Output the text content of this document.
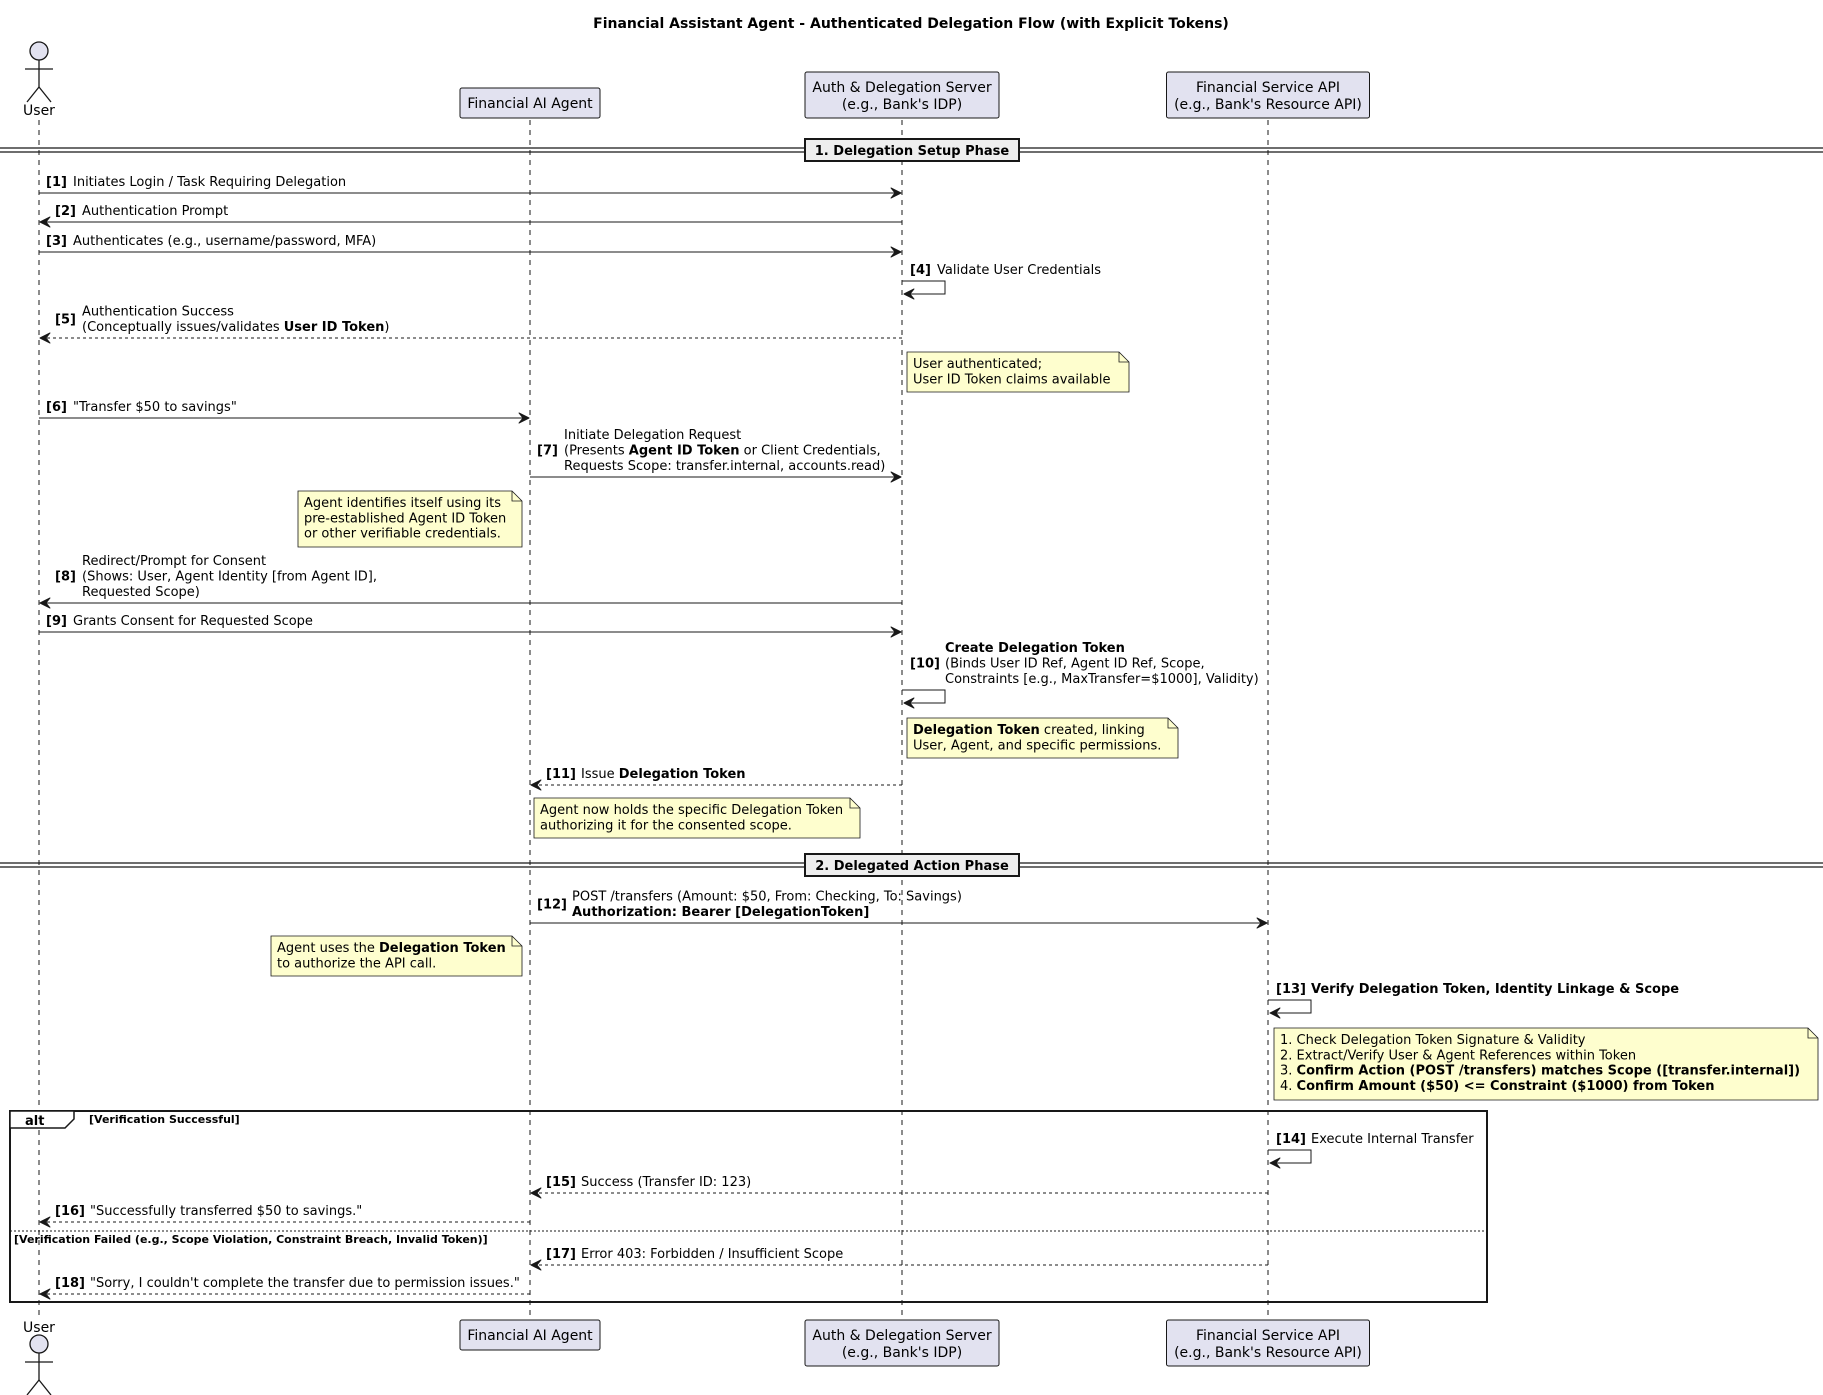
Financial Assistant Agent - Authenticated Delegation Flow (with Explicit Tokens)
User
User
Financial AI Agent
Financial AI Agent
Auth & Delegation Server
(e.g., Bank's IDP)
Auth & Delegation Server
(e.g., Bank's IDP)
Financial Service API
(e.g., Bank's Resource API)
Financial Service API
(e.g., Bank's Resource API)
1. Delegation Setup Phase
2. Delegated Action Phase
[1] Initiates Login / Task Requiring Delegation
[2] Authentication Prompt
[3] Authenticates (e.g., username/password, MFA)
[4] Validate User Credentials
[5]
Authentication Success
(Conceptually issues/validates User ID Token)
[6] "Transfer $50 to savings"
[7]
Initiate Delegation Request
(Presents Agent ID Token or Client Credentials,
Requests Scope: transfer.internal, accounts.read)
[8]
Redirect/Prompt for Consent
(Shows: User, Agent Identity [from Agent ID],
Requested Scope)
[9] Grants Consent for Requested Scope
[10]
Create Delegation Token
(Binds User ID Ref, Agent ID Ref, Scope,
Constraints [e.g., MaxTransfer=$1000], Validity)
[11] Issue Delegation Token
[12]
POST /transfers (Amount: $50, From: Checking, To: Savings)
Authorization: Bearer [DelegationToken]
[13] Verify Delegation Token, Identity Linkage & Scope
[14] Execute Internal Transfer
[15] Success (Transfer ID: 123)
[16] "Successfully transferred $50 to savings."
[17] Error 403: Forbidden / Insufficient Scope
[18] "Sorry, I couldn't complete the transfer due to permission issues."
User authenticated;
User ID Token claims available
Agent identifies itself using its
pre-established Agent ID Token
or other verifiable credentials.
Delegation Token created, linking
User, Agent, and specific permissions.
Agent now holds the specific Delegation Token
authorizing it for the consented scope.
Agent uses the Delegation Token
to authorize the API call.
1. Check Delegation Token Signature & Validity
2. Extract/Verify User & Agent References within Token
3. Confirm Action (POST /transfers) matches Scope ([transfer.internal])
4. Confirm Amount ($50) <= Constraint ($1000) from Token
alt	[Verification Successful]
[Verification Failed (e.g., Scope Violation, Constraint Breach, Invalid Token)]
